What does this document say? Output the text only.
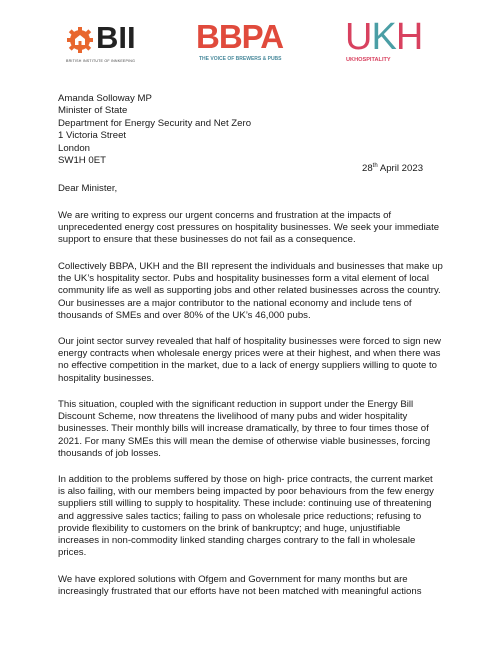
BII
BRITISH INSTITUTE OF INNKEEPING
BBPA
THE VOICE OF BREWERS & PUBS
UKH
UKHOSPITALITY
Amanda Solloway MP
Minister of State
Department for Energy Security and Net Zero
1 Victoria Street
London
SW1H 0ET
28th April 2023
Dear Minister,
We are writing to express our urgent concerns and frustration at the impacts of
unprecedented energy cost pressures on hospitality businesses. We seek your immediate
support to ensure that these businesses do not fail as a consequence.
Collectively BBPA, UKH and the BII represent the individuals and businesses that make up
the UK’s hospitality sector. Pubs and hospitality businesses form a vital element of local
community life as well as supporting jobs and other related businesses across the country.
Our businesses are a major contributor to the national economy and include tens of
thousands of SMEs and over 80% of the UK’s 46,000 pubs.
Our joint sector survey revealed that half of hospitality businesses were forced to sign new
energy contracts when wholesale energy prices were at their highest, and when there was
no effective competition in the market, due to a lack of energy suppliers willing to quote to
hospitality businesses.
This situation, coupled with the significant reduction in support under the Energy Bill
Discount Scheme, now threatens the livelihood of many pubs and wider hospitality
businesses. Their monthly bills will increase dramatically, by three to four times those of
2021. For many SMEs this will mean the demise of otherwise viable businesses, forcing
thousands of job losses.
In addition to the problems suffered by those on high- price contracts, the current market
is also failing, with our members being impacted by poor behaviours from the few energy
suppliers still willing to supply to hospitality. These include: continuing use of threatening
and aggressive sales tactics; failing to pass on wholesale price reductions; refusing to
provide flexibility to customers on the brink of bankruptcy; and huge, unjustifiable
increases in non-commodity linked standing charges contrary to the fall in wholesale
prices.
We have explored solutions with Ofgem and Government for many months but are
increasingly frustrated that our efforts have not been matched with meaningful actions
